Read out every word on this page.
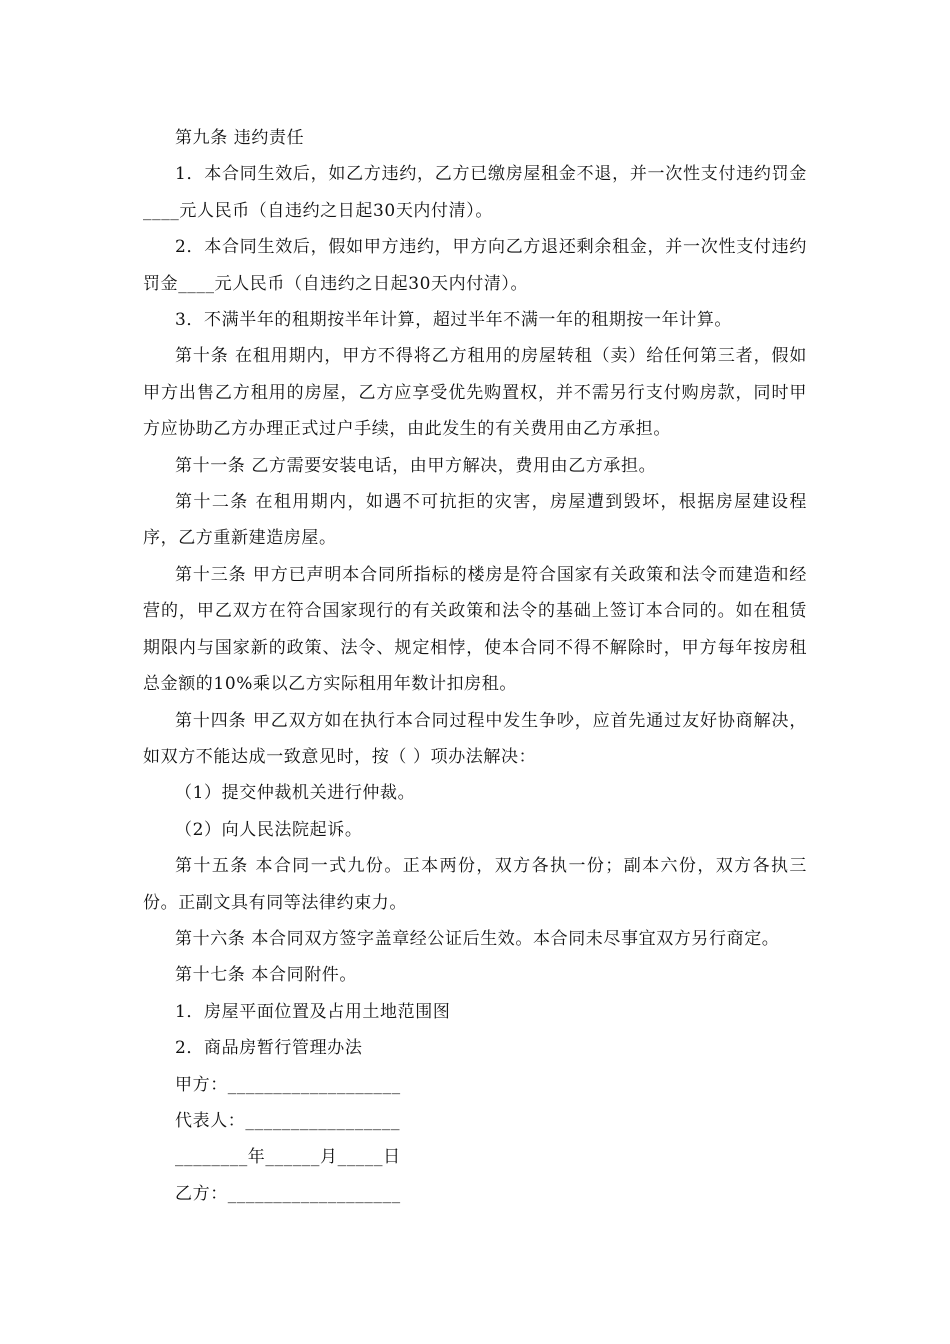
第九条 违约责任

1．本合同生效后，如乙方违约，乙方已缴房屋租金不退，并一次性支付违约罚金____元人民币（自违约之日起30天内付清）。

2．本合同生效后，假如甲方违约，甲方向乙方退还剩余租金，并一次性支付违约罚金____元人民币（自违约之日起30天内付清）。

3．不满半年的租期按半年计算，超过半年不满一年的租期按一年计算。

第十条 在租用期内，甲方不得将乙方租用的房屋转租（卖）给任何第三者，假如甲方出售乙方租用的房屋，乙方应享受优先购置权，并不需另行支付购房款，同时甲方应协助乙方办理正式过户手续，由此发生的有关费用由乙方承担。

第十一条 乙方需要安装电话，由甲方解决，费用由乙方承担。

第十二条 在租用期内，如遇不可抗拒的灾害，房屋遭到毁坏，根据房屋建设程序，乙方重新建造房屋。

第十三条 甲方已声明本合同所指标的楼房是符合国家有关政策和法令而建造和经营的，甲乙双方在符合国家现行的有关政策和法令的基础上签订本合同的。如在租赁期限内与国家新的政策、法令、规定相悖，使本合同不得不解除时，甲方每年按房租总金额的10%乘以乙方实际租用年数计扣房租。

第十四条 甲乙双方如在执行本合同过程中发生争吵，应首先通过友好协商解决，如双方不能达成一致意见时，按（ ）项办法解决：

（1）提交仲裁机关进行仲裁。

（2）向人民法院起诉。

第十五条 本合同一式九份。正本两份，双方各执一份；副本六份，双方各执三份。正副文具有同等法律约束力。

第十六条 本合同双方签字盖章经公证后生效。本合同未尽事宜双方另行商定。

第十七条 本合同附件。

1．房屋平面位置及占用土地范围图

2．商品房暂行管理办法

甲方：___________________

代表人：_________________

________年______月_____日

乙方：___________________
